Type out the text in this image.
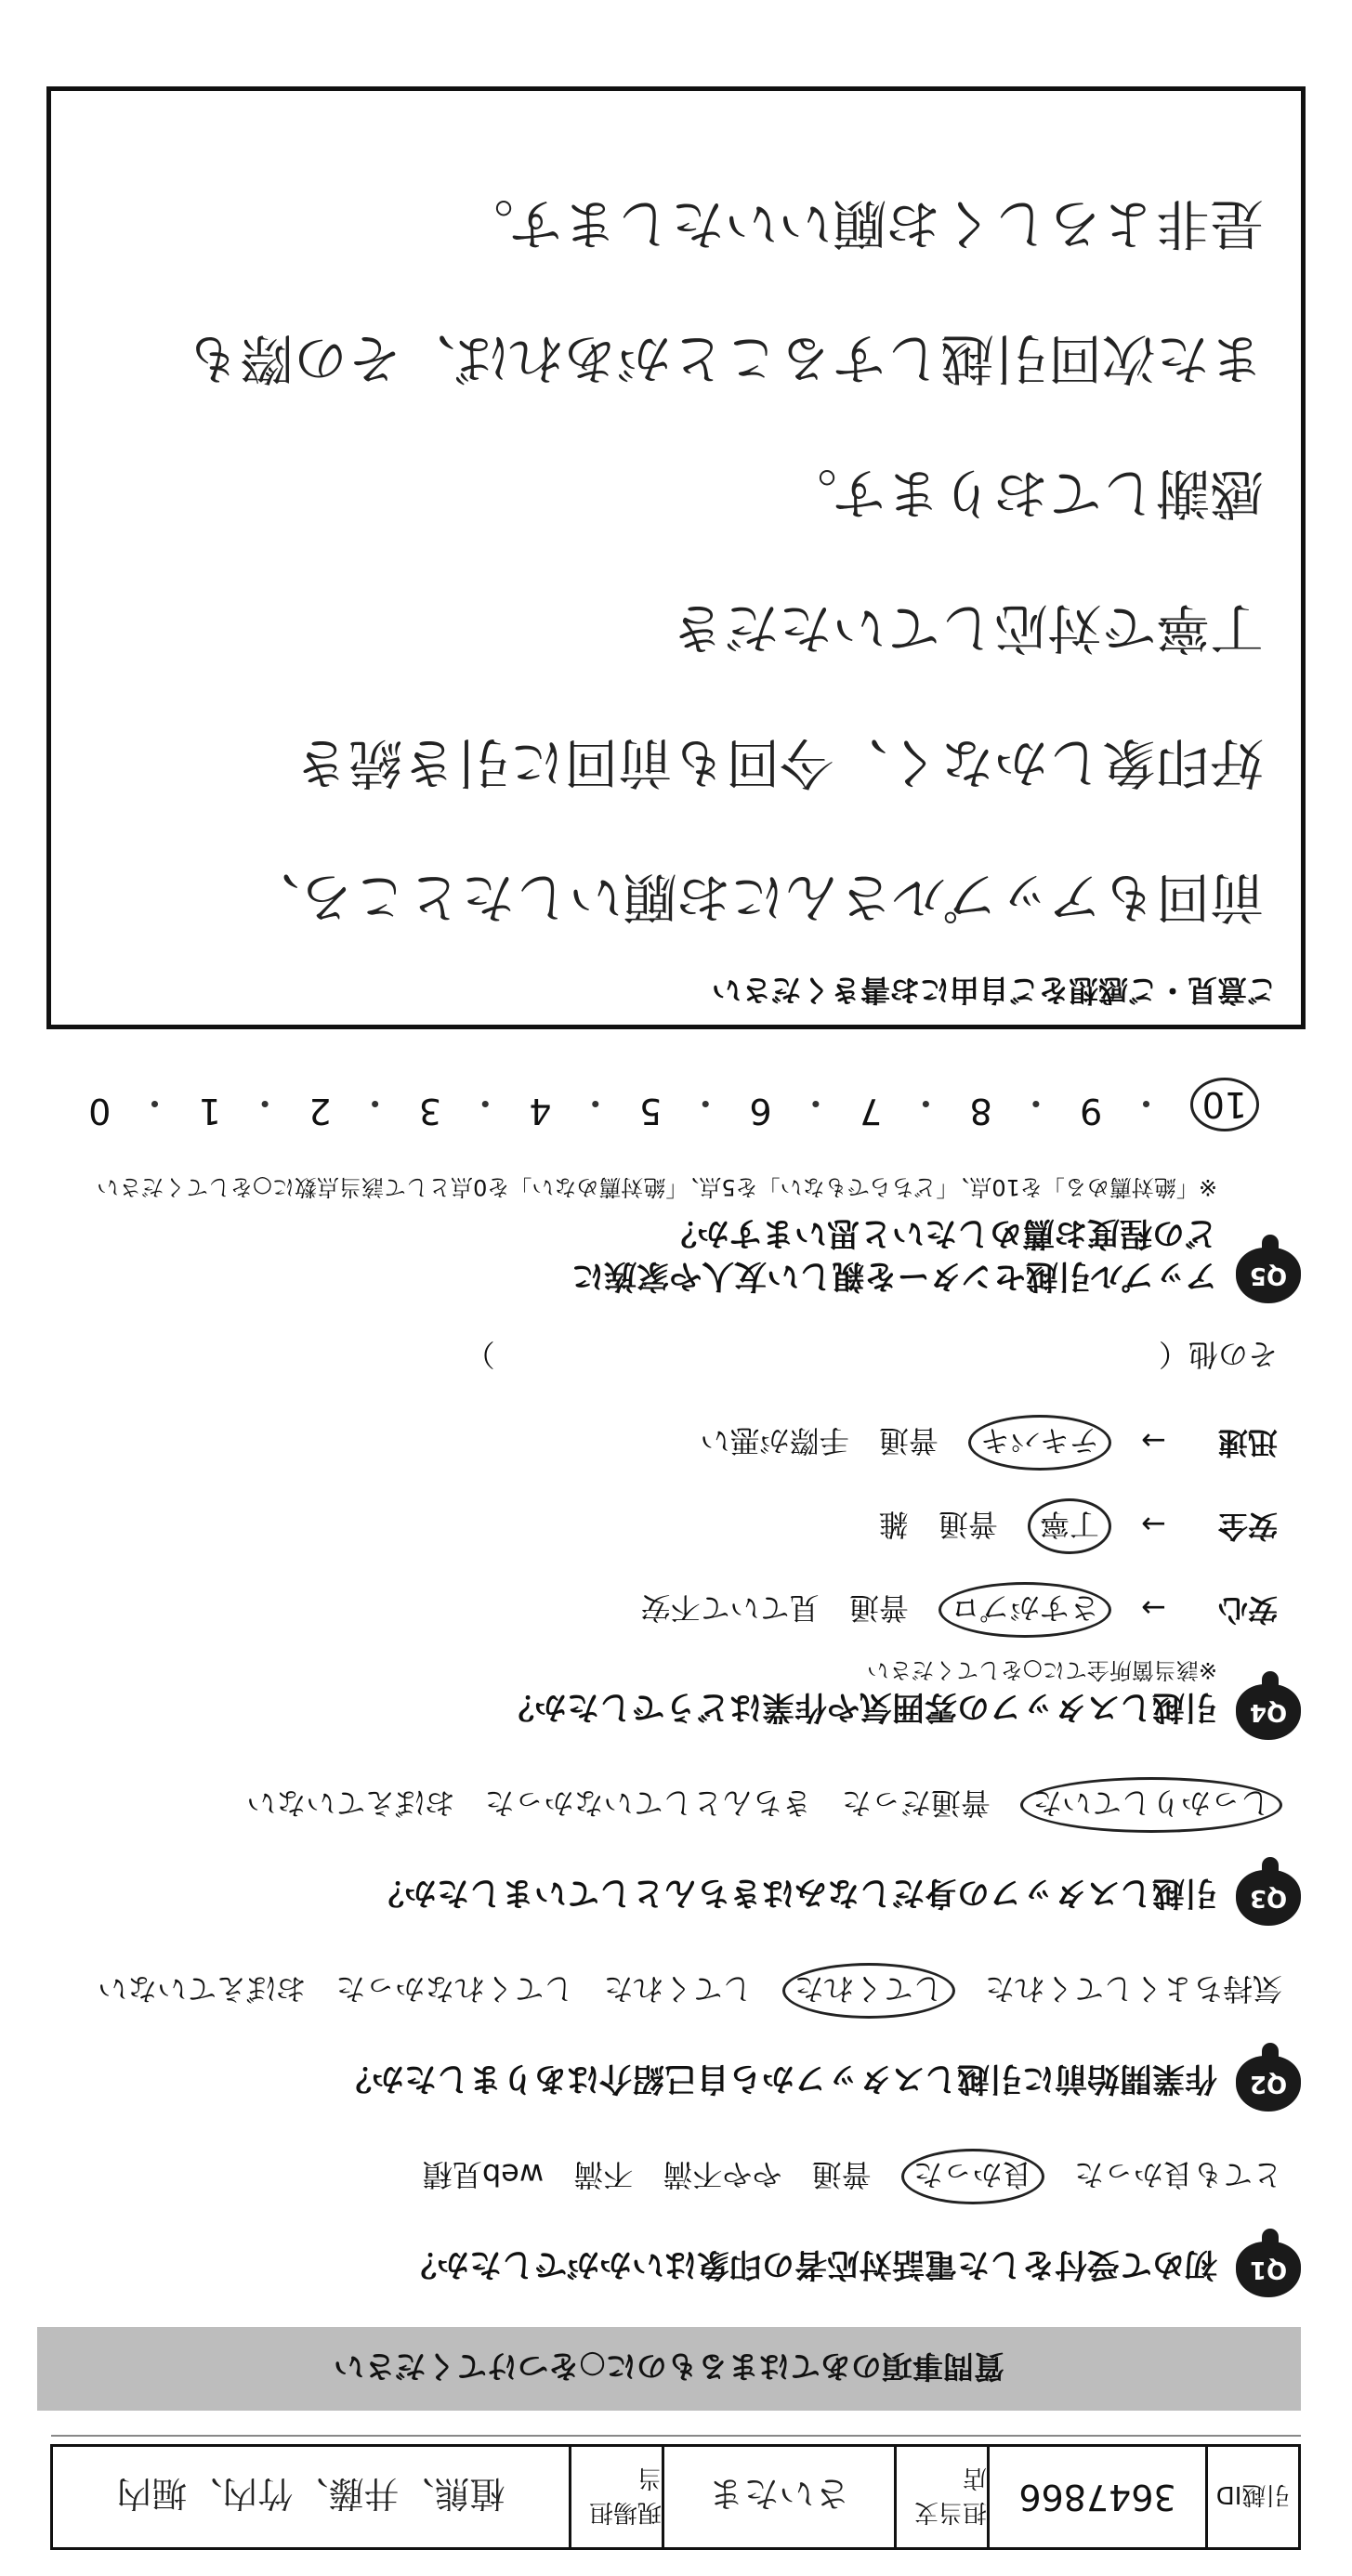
引越ID
3647866
担当支店
さいたま
現場担当
植熊、井藤、竹内、堀内
質問事項のあてはまるものに○をつけてください
Q1
初めて受付をした電話対応者の印象はいかがでしたか？
とても良かった 良かった 普通 やや不満 不満 web見積
Q2
作業開始前に引越しスタッフから自己紹介はありましたか？
気持ちよくしてくれた してくれた してくれた してくれなかった おぼえていない
Q3
引越しスタッフの身だしなみはきちんとしていましたか？
しっかりしていた 普通だった きちんとしていなかった おぼえていない
Q4
引越しスタッフの雰囲気や作業はどうでしたか？
※該当箇所全てに○をしてください
安心
→ さすがプロ 普通 見ていて不安
安全
→ 丁寧 普通 雑
迅速
→ テキパキ 普通 手際が悪い
その他（  ）
Q5
アップル引越センターを親しい友人や家族に
どの程度お薦めしたいと思いますか？
※「絶対薦める」を10点、「どちらでもない」を5点、「絶対薦めない」を0点として該当点数に○をしてください
10
・
9
・
8
・
7
・
6
・
5
・
4
・
3
・
2
・
1
・
0
ご意見・ご感想をご自由にお書きください
前回もアップルさんにお願いしたところ、
好印象しかなく、今回も前回に引き続き
丁寧で対応していただき
感謝しております。
また次回引越しすることがあれば、その際も
是非よろしくお願いいたします。
